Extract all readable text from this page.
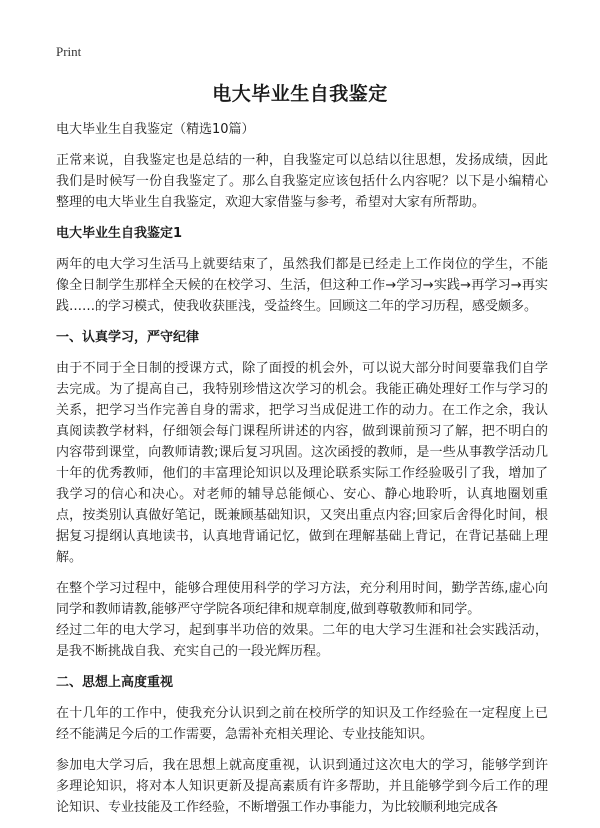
Print
电大毕业生自我鉴定

电大毕业生自我鉴定（精选10篇）

正常来说，自我鉴定也是总结的一种，自我鉴定可以总结以往思想，发扬成绩，因此我们是时候写一份自我鉴定了。那么自我鉴定应该包括什么内容呢？以下是小编精心整理的电大毕业生自我鉴定，欢迎大家借鉴与参考，希望对大家有所帮助。

电大毕业生自我鉴定1

两年的电大学习生活马上就要结束了，虽然我们都是已经走上工作岗位的学生，不能像全日制学生那样全天候的在校学习、生活，但这种工作→学习→实践→再学习→再实践……的学习模式，使我收获匪浅，受益终生。回顾这二年的学习历程，感受颇多。

一、认真学习，严守纪律

由于不同于全日制的授课方式，除了面授的机会外，可以说大部分时间要靠我们自学去完成。为了提高自己，我特别珍惜这次学习的机会。我能正确处理好工作与学习的关系，把学习当作完善自身的需求，把学习当成促进工作的动力。在工作之余，我认真阅读教学材料，仔细领会每门课程所讲述的内容，做到课前预习了解，把不明白的内容带到课堂，向教师请教;课后复习巩固。这次函授的教师，是一些从事教学活动几十年的优秀教师，他们的丰富理论知识以及理论联系实际工作经验吸引了我，增加了我学习的信心和决心。对老师的辅导总能倾心、安心、静心地聆听，认真地圈划重点，按类别认真做好笔记，既兼顾基础知识，又突出重点内容;回家后舍得化时间，根据复习提纲认真地读书，认真地背诵记忆，做到在理解基础上背记，在背记基础上理解。

在整个学习过程中，能够合理使用科学的学习方法，充分利用时间，勤学苦练,虚心向同学和教师请教,能够严守学院各项纪律和规章制度,做到尊敬教师和同学。

经过二年的电大学习，起到事半功倍的效果。二年的电大学习生涯和社会实践活动，是我不断挑战自我、充实自己的一段光辉历程。

二、思想上高度重视

在十几年的工作中，使我充分认识到之前在校所学的知识及工作经验在一定程度上已经不能满足今后的工作需要，急需补充相关理论、专业技能知识。

参加电大学习后，我在思想上就高度重视，认识到通过这次电大的学习，能够学到许多理论知识，将对本人知识更新及提高素质有许多帮助，并且能够学到今后工作的理论知识、专业技能及工作经验，不断增强工作办事能力，为比较顺利地完成各
